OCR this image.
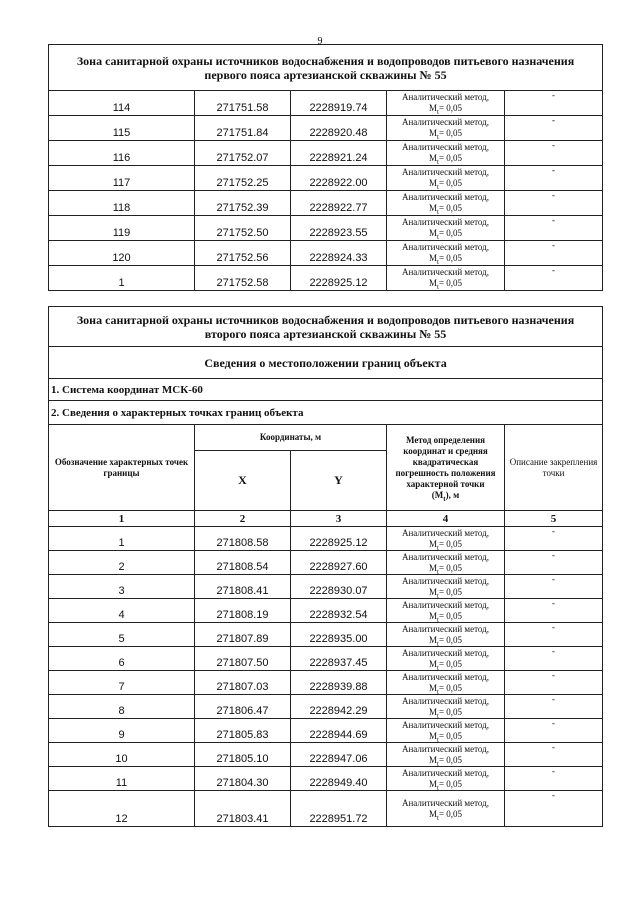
9
Зона санитарной охраны источников водоснабжения и водопроводов питьевого назначения
первого пояса артезианской скважины № 55				

114	271751.58	2228919.74	Аналитический метод,
$M_t= 0,05$	-
115	271751.84	2228920.48	Аналитический метод,
$M_t= 0,05$	-
116	271752.07	2228921.24	Аналитический метод,
$M_t= 0,05$	-
117	271752.25	2228922.00	Аналитический метод,
$M_t= 0,05$	-
118	271752.39	2228922.77	Аналитический метод,
$M_t= 0,05$	-
119	271752.50	2228923.55	Аналитический метод,
$M_t= 0,05$	-
120	271752.56	2228924.33	Аналитический метод,
$M_t= 0,05$	-
1	271752.58	2228925.12	Аналитический метод,
$M_t= 0,05$	-
Зона санитарной охраны источников водоснабжения и водопроводов питьевого назначения
второго пояса артезианской скважины № 55				

Сведения о местоположении границ объекта				
1. Система координат МСК-60				
2. Сведения о характерных точках границ объекта				
Обозначение характерных точек границы	Координаты, м		Метод определения координат и средняя квадратическая погрешность положения характерной точки
$(M_t)$, м	Описание закрепления точки
	X	Y		
1	2	3	4	5
1	271808.58	2228925.12	Аналитический метод,
$M_t= 0,05$	-
2	271808.54	2228927.60	Аналитический метод,
$M_t= 0,05$	-
3	271808.41	2228930.07	Аналитический метод,
$M_t= 0,05$	-
4	271808.19	2228932.54	Аналитический метод,
$M_t= 0,05$	-
5	271807.89	2228935.00	Аналитический метод,
$M_t= 0,05$	-
6	271807.50	2228937.45	Аналитический метод,
$M_t= 0,05$	-
7	271807.03	2228939.88	Аналитический метод,
$M_t= 0,05$	-
8	271806.47	2228942.29	Аналитический метод,
$M_t= 0,05$	-
9	271805.83	2228944.69	Аналитический метод,
$M_t= 0,05$	-
10	271805.10	2228947.06	Аналитический метод,
$M_t= 0,05$	-
11	271804.30	2228949.40	Аналитический метод,
$M_t= 0,05$	-
12	271803.41	2228951.72	Аналитический метод,
$M_t= 0,05$	-
